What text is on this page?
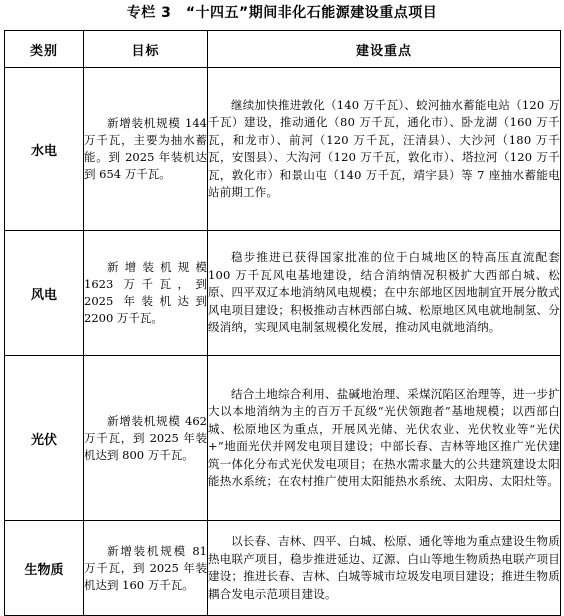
专栏 3　“十四五”期间非化石能源建设重点项目
类别	目标	建设重点
水电	新增装机规模 144 万千瓦，主要为抽水蓄能。到 2025 年装机达到 654 万千瓦。	继续加快推进敦化（140 万千瓦）、蛟河抽水蓄能电站（120 万千瓦）建设，推动通化（80 万千瓦，通化市）、卧龙湖（160 万千瓦，和龙市）、前河（120 万千瓦，汪清县）、大沙河（180 万千瓦，安图县）、大沟河（120 万千瓦，敦化市）、塔拉河（120 万千瓦，敦化市）和景山屯（140 万千瓦，靖宇县）等 7 座抽水蓄能电站前期工作。

风电	新增装机规模 1623 万千瓦，到 2025 年装机达到 2200 万千瓦。	稳步推进已获得国家批准的位于白城地区的特高压直流配套 100 万千瓦风电基地建设，结合消纳情况积极扩大西部白城、松原、四平双辽本地消纳风电规模；在中东部地区因地制宜开展分散式风电项目建设；积极推动吉林西部白城、松原地区风电就地制氢、分级消纳，实现风电制氢规模化发展，推动风电就地消纳。

光伏	新增装机规模 462 万千瓦，到 2025 年装机达到 800 万千瓦。	结合土地综合利用、盐碱地治理、采煤沉陷区治理等，进一步扩大以本地消纳为主的百万千瓦级“光伏领跑者”基地规模；以西部白城、松原地区为重点，开展风光储、光伏农业、光伏牧业等“光伏+”地面光伏并网发电项目建设；中部长春、吉林等地区推广光伏建筑一体化分布式光伏发电项目；在热水需求量大的公共建筑建设太阳能热水系统；在农村推广使用太阳能热水系统、太阳房、太阳灶等。

生物质	新增装机规模 81 万千瓦，到 2025 年装机达到 160 万千瓦。	以长春、吉林、四平、白城、松原、通化等地为重点建设生物质热电联产项目，稳步推进延边、辽源、白山等地生物质热电联产项目建设；推进长春、吉林、白城等城市垃圾发电项目建设；推进生物质耦合发电示范项目建设。
